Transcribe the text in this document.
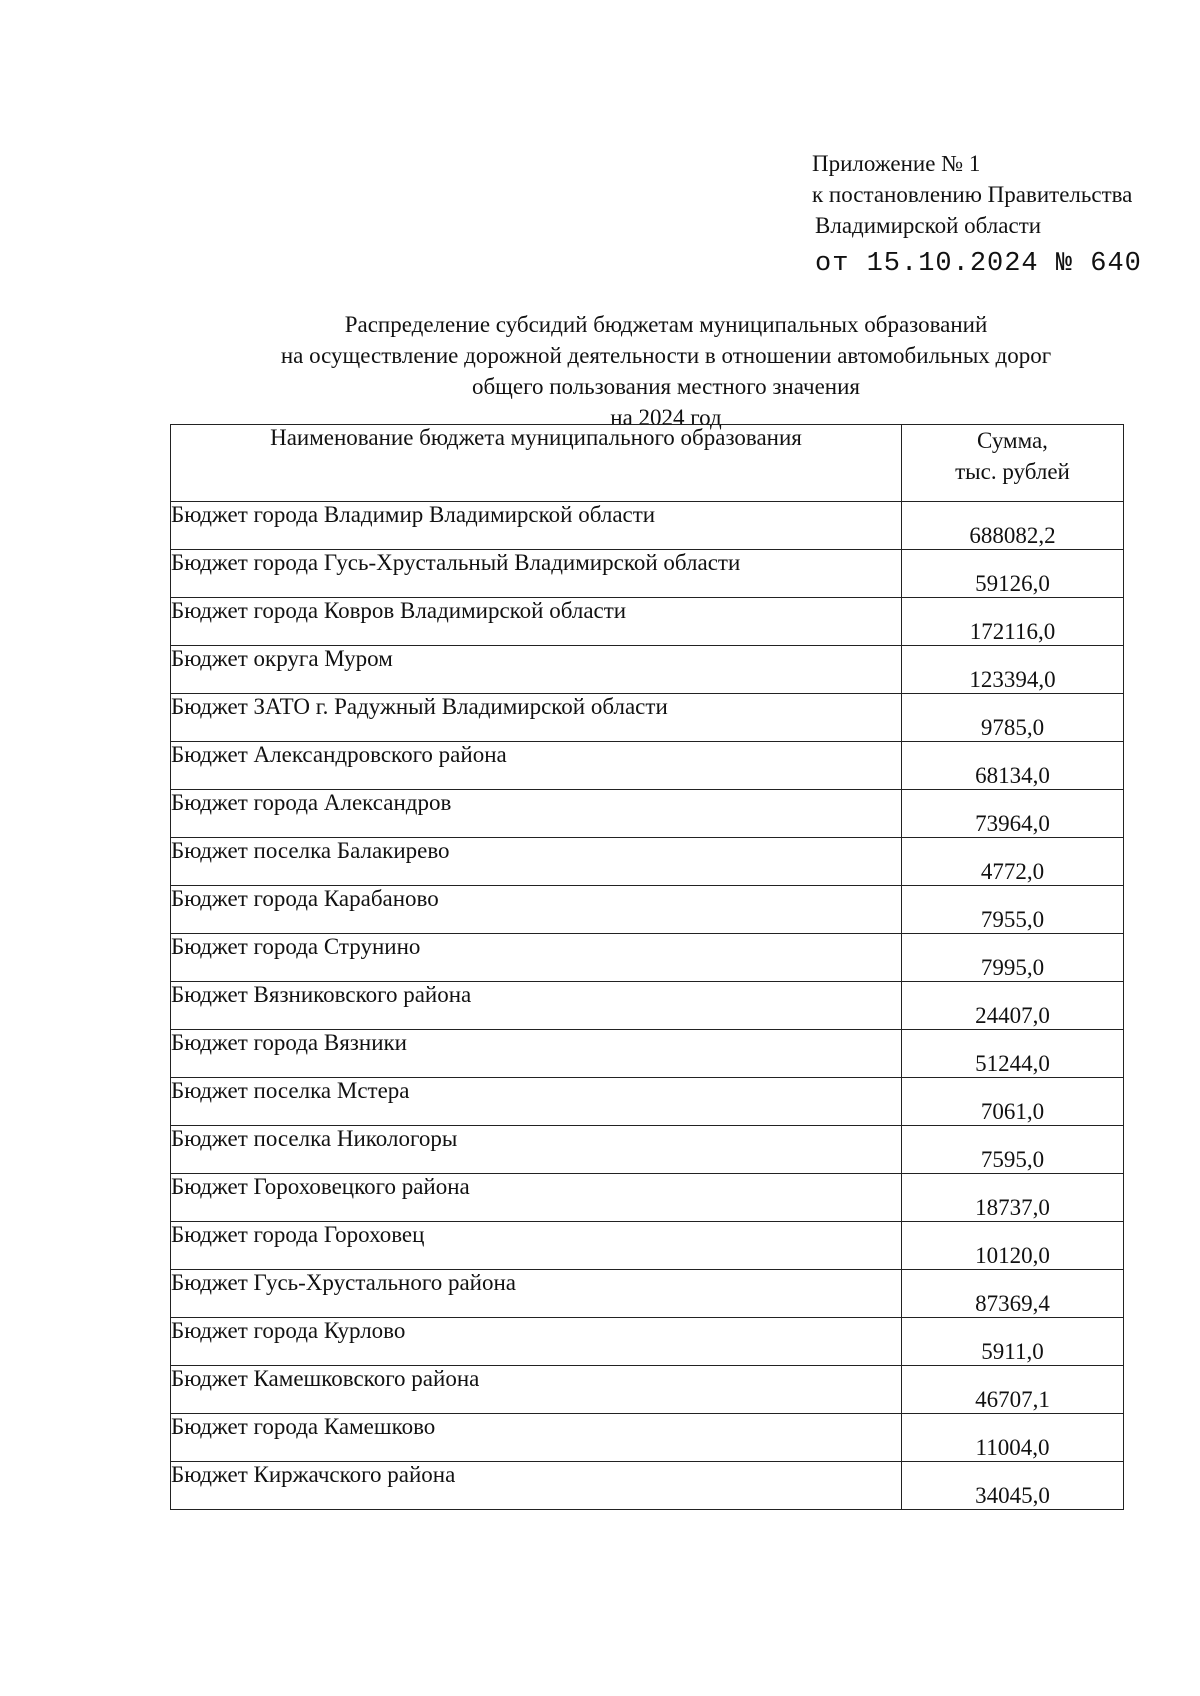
Приложение № 1
к постановлению Правительства
Владимирской области
от 15.10.2024 № 640
Распределение субсидий бюджетам муниципальных образований
на осуществление дорожной деятельности в отношении автомобильных дорог
общего пользования местного значения
на 2024 год
Наименование бюджета муниципального образования	Сумма,
тыс. рублей

Бюджет города Владимир Владимирской области	688082,2
Бюджет города Гусь-Хрустальный Владимирской области	59126,0
Бюджет города Ковров Владимирской области	172116,0
Бюджет округа Муром	123394,0
Бюджет ЗАТО г. Радужный Владимирской области	9785,0
Бюджет Александровского района	68134,0
Бюджет города Александров	73964,0
Бюджет поселка Балакирево	4772,0
Бюджет города Карабаново	7955,0
Бюджет города Струнино	7995,0
Бюджет Вязниковского района	24407,0
Бюджет города Вязники	51244,0
Бюджет поселка Мстера	7061,0
Бюджет поселка Никологоры	7595,0
Бюджет Гороховецкого района	18737,0
Бюджет города Гороховец	10120,0
Бюджет Гусь-Хрустального района	87369,4
Бюджет города Курлово	5911,0
Бюджет Камешковского района	46707,1
Бюджет города Камешково	11004,0
Бюджет Киржачского района	34045,0
